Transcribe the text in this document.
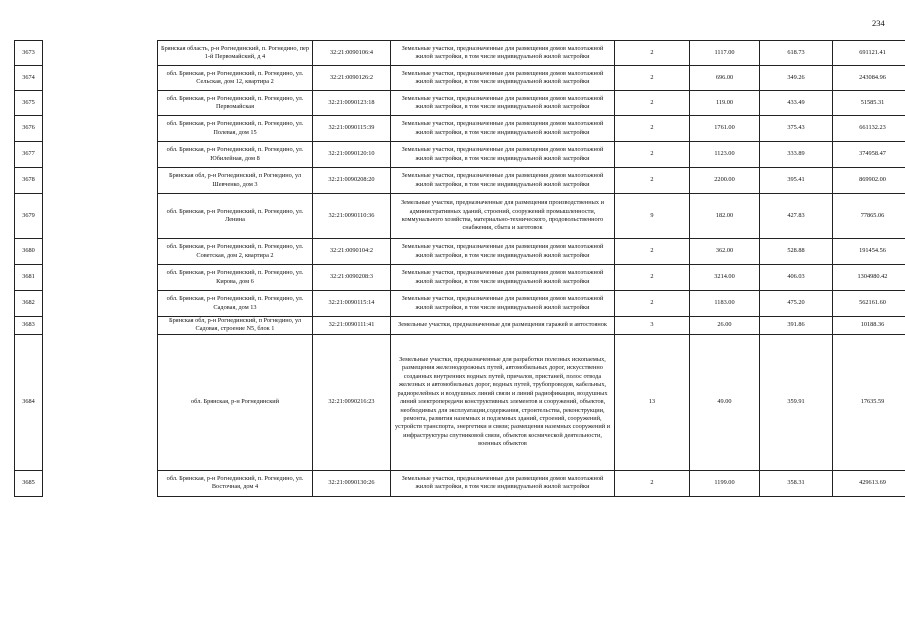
234
3673		Брянская область, р-н Рогнединский, п. Рогнедино, пер 1-й Первомайский, д 4	32:21:0090106:4	Земельные участки, предназначенные для размещения домов малоэтажной жилой застройки, в том числе индивидуальной жилой застройки	2	1117.00	618.73	691121.41
3674		обл. Брянская, р-н Рогнединский, п. Рогнедино, ул. Сельская, дом 12, квартира 2	32:21:0090126:2	Земельные участки, предназначенные для размещения домов малоэтажной жилой застройки, в том числе индивидуальной жилой застройки	2	696.00	349.26	243084.96
3675		обл. Брянская, р-н Рогнединский, п. Рогнедино, ул. Первомайская	32:21:0090123:18	Земельные участки, предназначенные для размещения домов малоэтажной жилой застройки, в том числе индивидуальной жилой застройки	2	119.00	433.49	51585.31
3676		обл. Брянская, р-н Рогнединский, п. Рогнедино, ул. Полевая, дом 15	32:21:0090115:39	Земельные участки, предназначенные для размещения домов малоэтажной жилой застройки, в том числе индивидуальной жилой застройки	2	1761.00	375.43	661132.23
3677		обл. Брянская, р-н Рогнединский, п. Рогнедино, ул. Юбилейная, дом 8	32:21:0090120:10	Земельные участки, предназначенные для размещения домов малоэтажной жилой застройки, в том числе индивидуальной жилой застройки	2	1123.00	333.89	374958.47
3678		Брянская обл, р-н Рогнединский, п Рогнедино, ул Шевченко, дом 3	32:21:0090208:20	Земельные участки, предназначенные для размещения домов малоэтажной жилой застройки, в том числе индивидуальной жилой застройки	2	2200.00	395.41	869902.00
3679		обл. Брянская, р-н Рогнединский, п. Рогнедино, ул. Ленина	32:21:0090110:36	Земельные участки, предназначенные для размещения производственных и административных зданий, строений, сооружений промышленности, коммунального хозяйства, материально-технического, продовольственного снабжения, сбыта и заготовок	9	182.00	427.83	77865.06
3680		обл. Брянская, р-н Рогнединский, п. Рогнедино, ул. Советская, дом 2, квартира 2	32:21:0090104:2	Земельные участки, предназначенные для размещения домов малоэтажной жилой застройки, в том числе индивидуальной жилой застройки	2	362.00	528.88	191454.56
3681		обл. Брянская, р-н Рогнединский, п. Рогнедино, ул. Кирова, дом 6	32:21:0090208:3	Земельные участки, предназначенные для размещения домов малоэтажной жилой застройки, в том числе индивидуальной жилой застройки	2	3214.00	406.03	1304980.42
3682		обл. Брянская, р-н Рогнединский, п. Рогнедино, ул. Садовая, дом 13	32:21:0090115:14	Земельные участки, предназначенные для размещения домов малоэтажной жилой застройки, в том числе индивидуальной жилой застройки	2	1183.00	475.20	562161.60
3683		Брянская обл, р-н Рогнединский, п Рогнедино, ул Садовая, строение N5, блок 1	32:21:0090111:41	Земельные участки, предназначенные для размещения гаражей и автостоянок	3	26.00	391.86	10188.36
3684		обл. Брянская, р-н Рогнединский	32:21:0090216:23	Земельные участки, предназначенные для разработки полезных ископаемых, размещения железнодорожных путей, автомобильных дорог, искусственно созданных внутренних водных путей, причалов, пристаней, полос отвода железных и автомобильных дорог, водных путей, трубопроводов, кабельных, радиорелейных и воздушных линий связи и линий радиофикации, воздушных линий электропередачи конструктивных элементов и сооружений, объектов, необходимых для эксплуатации,содержания, строительства, реконструкции, ремонта, развития наземных и подземных зданий, строений, сооружений, устройств транспорта, энергетики и связи; размещения наземных сооружений и инфраструктуры спутниковой связи, объектов космической деятельности, военных объектов	13	49.00	359.91	17635.59
3685		обл. Брянская, р-н Рогнединский, п. Рогнедино, ул. Восточная, дом 4	32:21:0090130:26	Земельные участки, предназначенные для размещения домов малоэтажной жилой застройки, в том числе индивидуальной жилой застройки	2	1199.00	358.31	429613.69
